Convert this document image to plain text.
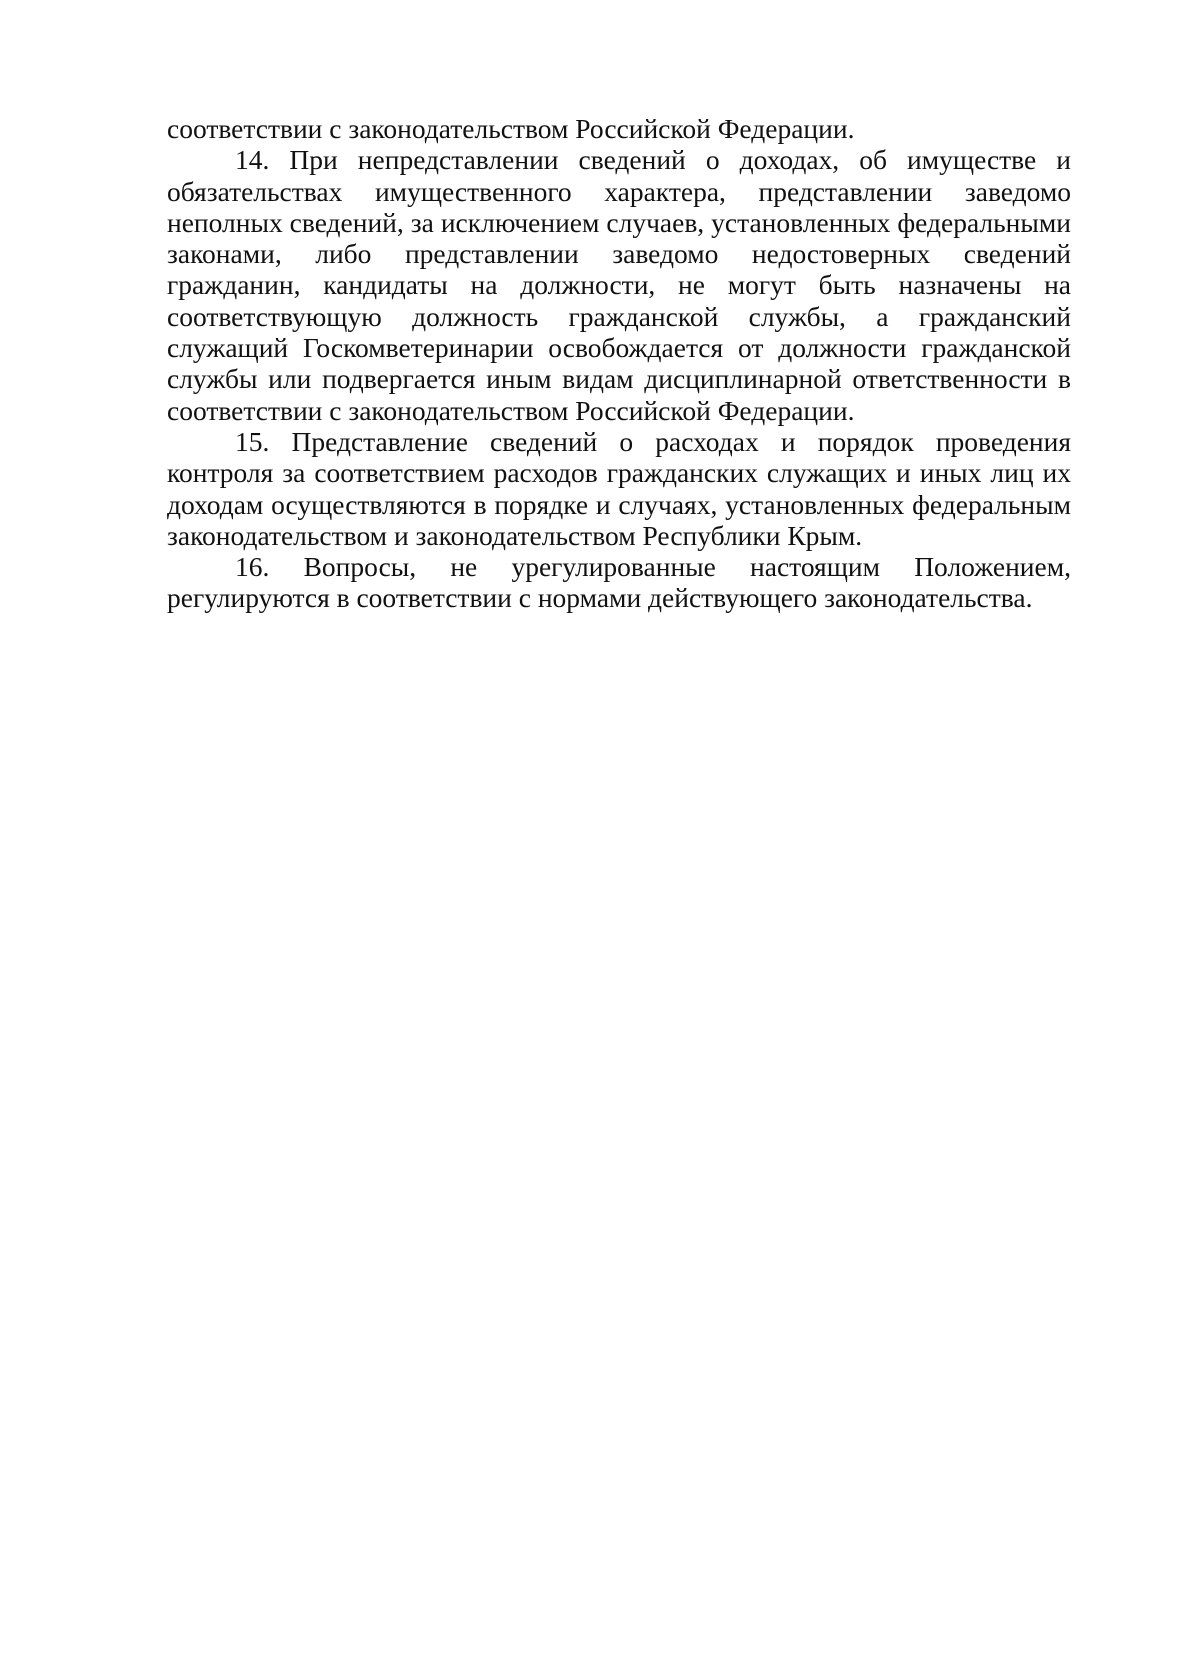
соответствии с законодательством Российской Федерации.

14. При непредставлении сведений о доходах, об имуществе и обязательствах имущественного характера, представлении заведомо неполных сведений, за исключением случаев, установленных федеральными законами, либо представлении заведомо недостоверных сведений гражданин, кандидаты на должности, не могут быть назначены на соответствующую должность гражданской службы, а гражданский служащий Госкомветеринарии освобождается от должности гражданской службы или подвергается иным видам дисциплинарной ответственности в соответствии с законодательством Российской Федерации.

15. Представление сведений о расходах и порядок проведения контроля за соответствием расходов гражданских служащих и иных лиц их доходам осуществляются в порядке и случаях, установленных федеральным законодательством и законодательством Республики Крым.

16. Вопросы, не урегулированные настоящим Положением, регулируются в соответствии с нормами действующего законодательства.
